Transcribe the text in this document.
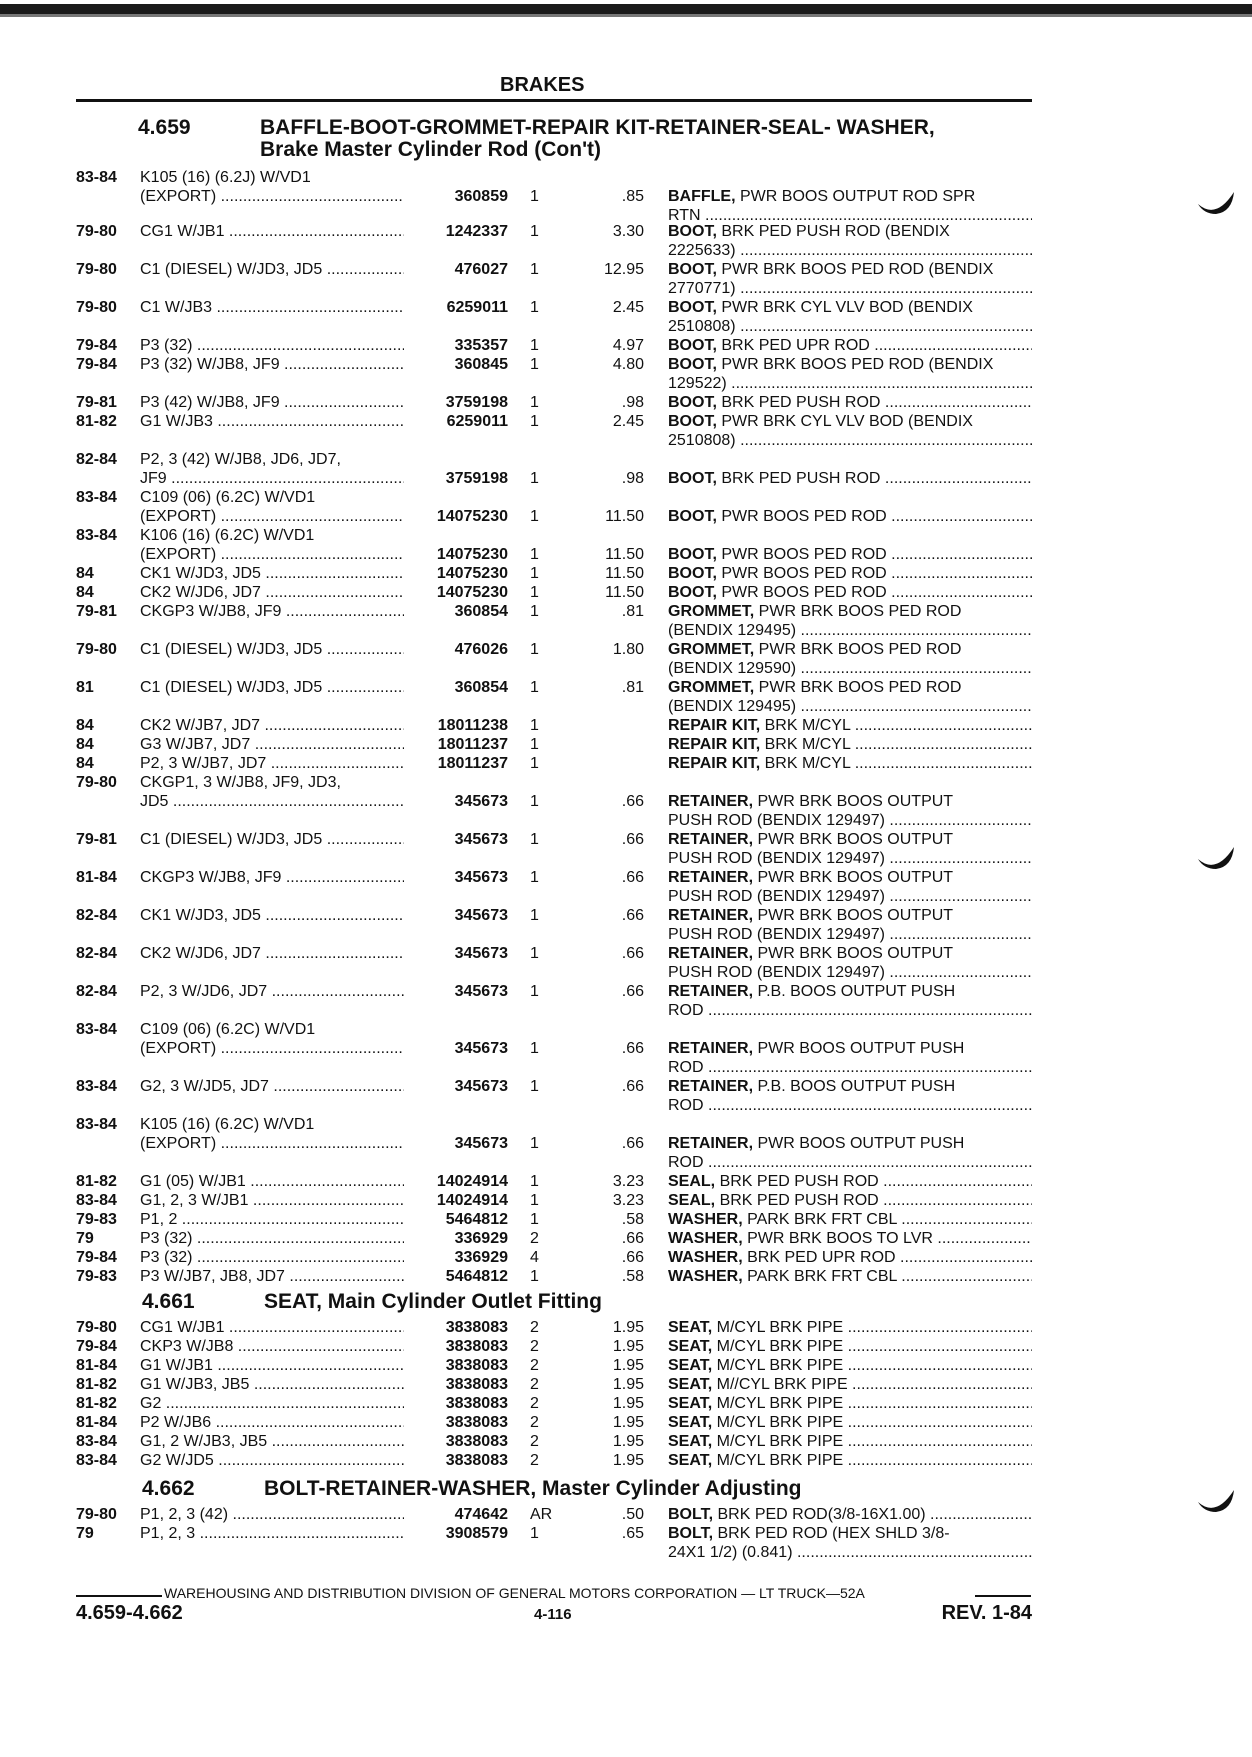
BRAKES
4.659	BAFFLE-BOOT-GROMMET-REPAIR KIT-RETAINER-SEAL- WASHER,
Brake Master Cylinder Rod (Con't)
4.661	SEAT, Main Cylinder Outlet Fitting
4.662	BOLT-RETAINER-WASHER, Master Cylinder Adjusting
83-84 K105 (16) (6.2J) W/VD1
(EXPORT) .....	360859 1	.85 BAFFLE, PWR BOOS OUTPUT ROD SPR
RTN .....
79-80 CG1 W/JB1 .....	1242337 1	3.30 BOOT, BRK PED PUSH ROD (BENDIX
2225633) .....
79-80 C1 (DIESEL) W/JD3, JD5 .....	476027 1	12.95 BOOT, PWR BRK BOOS PED ROD (BENDIX
2770771) .....
79-80 C1 W/JB3 .....	6259011 1	2.45 BOOT, PWR BRK CYL VLV BOD (BENDIX
2510808) .....
79-84 P3 (32) .....	335357 1	4.97 BOOT, BRK PED UPR ROD .....
79-84 P3 (32) W/JB8, JF9 .....	360845 1	4.80 BOOT, PWR BRK BOOS PED ROD (BENDIX
129522) .....
79-81 P3 (42) W/JB8, JF9 .....	3759198 1	.98 BOOT, BRK PED PUSH ROD .....
81-82 G1 W/JB3 .....	6259011 1	2.45 BOOT, PWR BRK CYL VLV BOD (BENDIX
2510808) .....
82-84 P2, 3 (42) W/JB8, JD6, JD7,
JF9 .....	3759198 1	.98 BOOT, BRK PED PUSH ROD .....
83-84 C109 (06) (6.2C) W/VD1
(EXPORT) .....	14075230 1	11.50 BOOT, PWR BOOS PED ROD .....
83-84 K106 (16) (6.2C) W/VD1
(EXPORT) .....	14075230 1	11.50 BOOT, PWR BOOS PED ROD .....
84	CK1 W/JD3, JD5 .....	14075230 1	11.50 BOOT, PWR BOOS PED ROD .....
84	CK2 W/JD6, JD7 .....	14075230 1	11.50 BOOT, PWR BOOS PED ROD .....
79-81 CKGP3 W/JB8, JF9 .....	360854 1	.81 GROMMET, PWR BRK BOOS PED ROD
(BENDIX 129495) .....
79-80 C1 (DIESEL) W/JD3, JD5 .....	476026 1	1.80 GROMMET, PWR BRK BOOS PED ROD
(BENDIX 129590) .....
81	C1 (DIESEL) W/JD3, JD5 .....	360854 1	.81 GROMMET, PWR BRK BOOS PED ROD
(BENDIX 129495) .....
84	CK2 W/JB7, JD7 .....	18011238 1	REPAIR KIT, BRK M/CYL .....
84	G3 W/JB7, JD7 .....	18011237 1	REPAIR KIT, BRK M/CYL .....
84	P2, 3 W/JB7, JD7 .....	18011237 1	REPAIR KIT, BRK M/CYL .....
79-80 CKGP1, 3 W/JB8, JF9, JD3,
JD5 .....	345673 1	.66 RETAINER, PWR BRK BOOS OUTPUT
PUSH ROD (BENDIX 129497) .....
79-81 C1 (DIESEL) W/JD3, JD5 .....	345673 1	.66 RETAINER, PWR BRK BOOS OUTPUT
PUSH ROD (BENDIX 129497) .....
81-84 CKGP3 W/JB8, JF9 .....	345673 1	.66 RETAINER, PWR BRK BOOS OUTPUT
PUSH ROD (BENDIX 129497) .....
82-84 CK1 W/JD3, JD5 .....	345673 1	.66 RETAINER, PWR BRK BOOS OUTPUT
PUSH ROD (BENDIX 129497) .....
82-84 CK2 W/JD6, JD7 .....	345673 1	.66 RETAINER, PWR BRK BOOS OUTPUT
PUSH ROD (BENDIX 129497) .....
82-84 P2, 3 W/JD6, JD7 .....	345673 1	.66 RETAINER, P.B. BOOS OUTPUT PUSH
ROD .....
83-84 C109 (06) (6.2C) W/VD1
(EXPORT) .....	345673 1	.66 RETAINER, PWR BOOS OUTPUT PUSH
ROD .....
83-84 G2, 3 W/JD5, JD7 .....	345673 1	.66 RETAINER, P.B. BOOS OUTPUT PUSH
ROD .....
83-84 K105 (16) (6.2C) W/VD1
(EXPORT) .....	345673 1	.66 RETAINER, PWR BOOS OUTPUT PUSH
ROD .....
81-82 G1 (05) W/JB1 .....	14024914 1	3.23 SEAL, BRK PED PUSH ROD .....
83-84 G1, 2, 3 W/JB1 .....	14024914 1	3.23 SEAL, BRK PED PUSH ROD .....
79-83 P1, 2 .....	5464812 1	.58 WASHER, PARK BRK FRT CBL .....
79	P3 (32) .....	336929 2	.66 WASHER, PWR BRK BOOS TO LVR .....
79-84 P3 (32) .....	336929 4	.66 WASHER, BRK PED UPR ROD .....
79-83 P3 W/JB7, JB8, JD7 .....	5464812 1	.58 WASHER, PARK BRK FRT CBL .....
79-80 CG1 W/JB1 .....	3838083 2	1.95 SEAT, M/CYL BRK PIPE .....
79-84 CKP3 W/JB8 .....	3838083 2	1.95 SEAT, M/CYL BRK PIPE .....
81-84 G1 W/JB1 .....	3838083 2	1.95 SEAT, M/CYL BRK PIPE .....
81-82 G1 W/JB3, JB5 .....	3838083 2	1.95 SEAT, M//CYL BRK PIPE .....
81-82 G2 .....	3838083 2	1.95 SEAT, M/CYL BRK PIPE .....
81-84 P2 W/JB6 .....	3838083 2	1.95 SEAT, M/CYL BRK PIPE .....
83-84 G1, 2 W/JB3, JB5 .....	3838083 2	1.95 SEAT, M/CYL BRK PIPE .....
83-84 G2 W/JD5 .....	3838083 2	1.95 SEAT, M/CYL BRK PIPE .....
79-80 P1, 2, 3 (42) .....	474642 AR	.50 BOLT, BRK PED ROD(3/8-16X1.00) .....
79	P1, 2, 3 .....	3908579 1	.65 BOLT, BRK PED ROD (HEX SHLD 3/8-
24X1 1/2) (0.841) .....
WAREHOUSING AND DISTRIBUTION DIVISION OF GENERAL MOTORS CORPORATION — LT TRUCK—52A
4.659-4.662	4-116	REV. 1-84
